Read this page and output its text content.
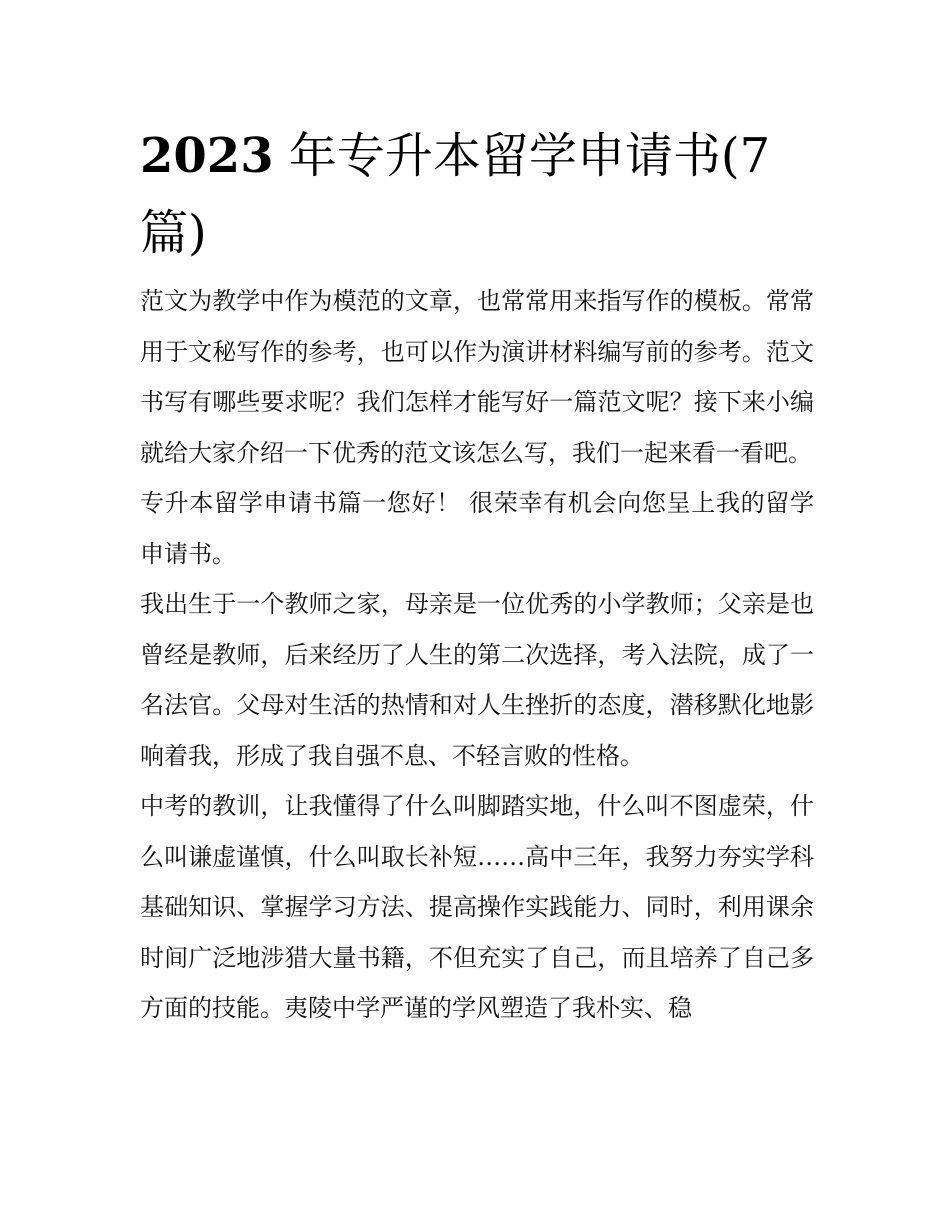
2023 年专升本留学申请书(7
篇)

范文为教学中作为模范的文章，也常常用来指写作的模板。常常用于文秘写作的参考，也可以作为演讲材料编写前的参考。范文书写有哪些要求呢？我们怎样才能写好一篇范文呢？接下来小编就给大家介绍一下优秀的范文该怎么写，我们一起来看一看吧。

专升本留学申请书篇一您好！ 很荣幸有机会向您呈上我的留学申请书。

我出生于一个教师之家，母亲是一位优秀的小学教师；父亲是也曾经是教师，后来经历了人生的第二次选择，考入法院，成了一名法官。父母对生活的热情和对人生挫折的态度，潜移默化地影响着我，形成了我自强不息、不轻言败的性格。

中考的教训，让我懂得了什么叫脚踏实地，什么叫不图虚荣，什么叫谦虚谨慎，什么叫取长补短……高中三年，我努力夯实学科基础知识、掌握学习方法、提高操作实践能力、同时，利用课余时间广泛地涉猎大量书籍，不但充实了自己，而且培养了自己多方面的技能。夷陵中学严谨的学风塑造了我朴实、稳
